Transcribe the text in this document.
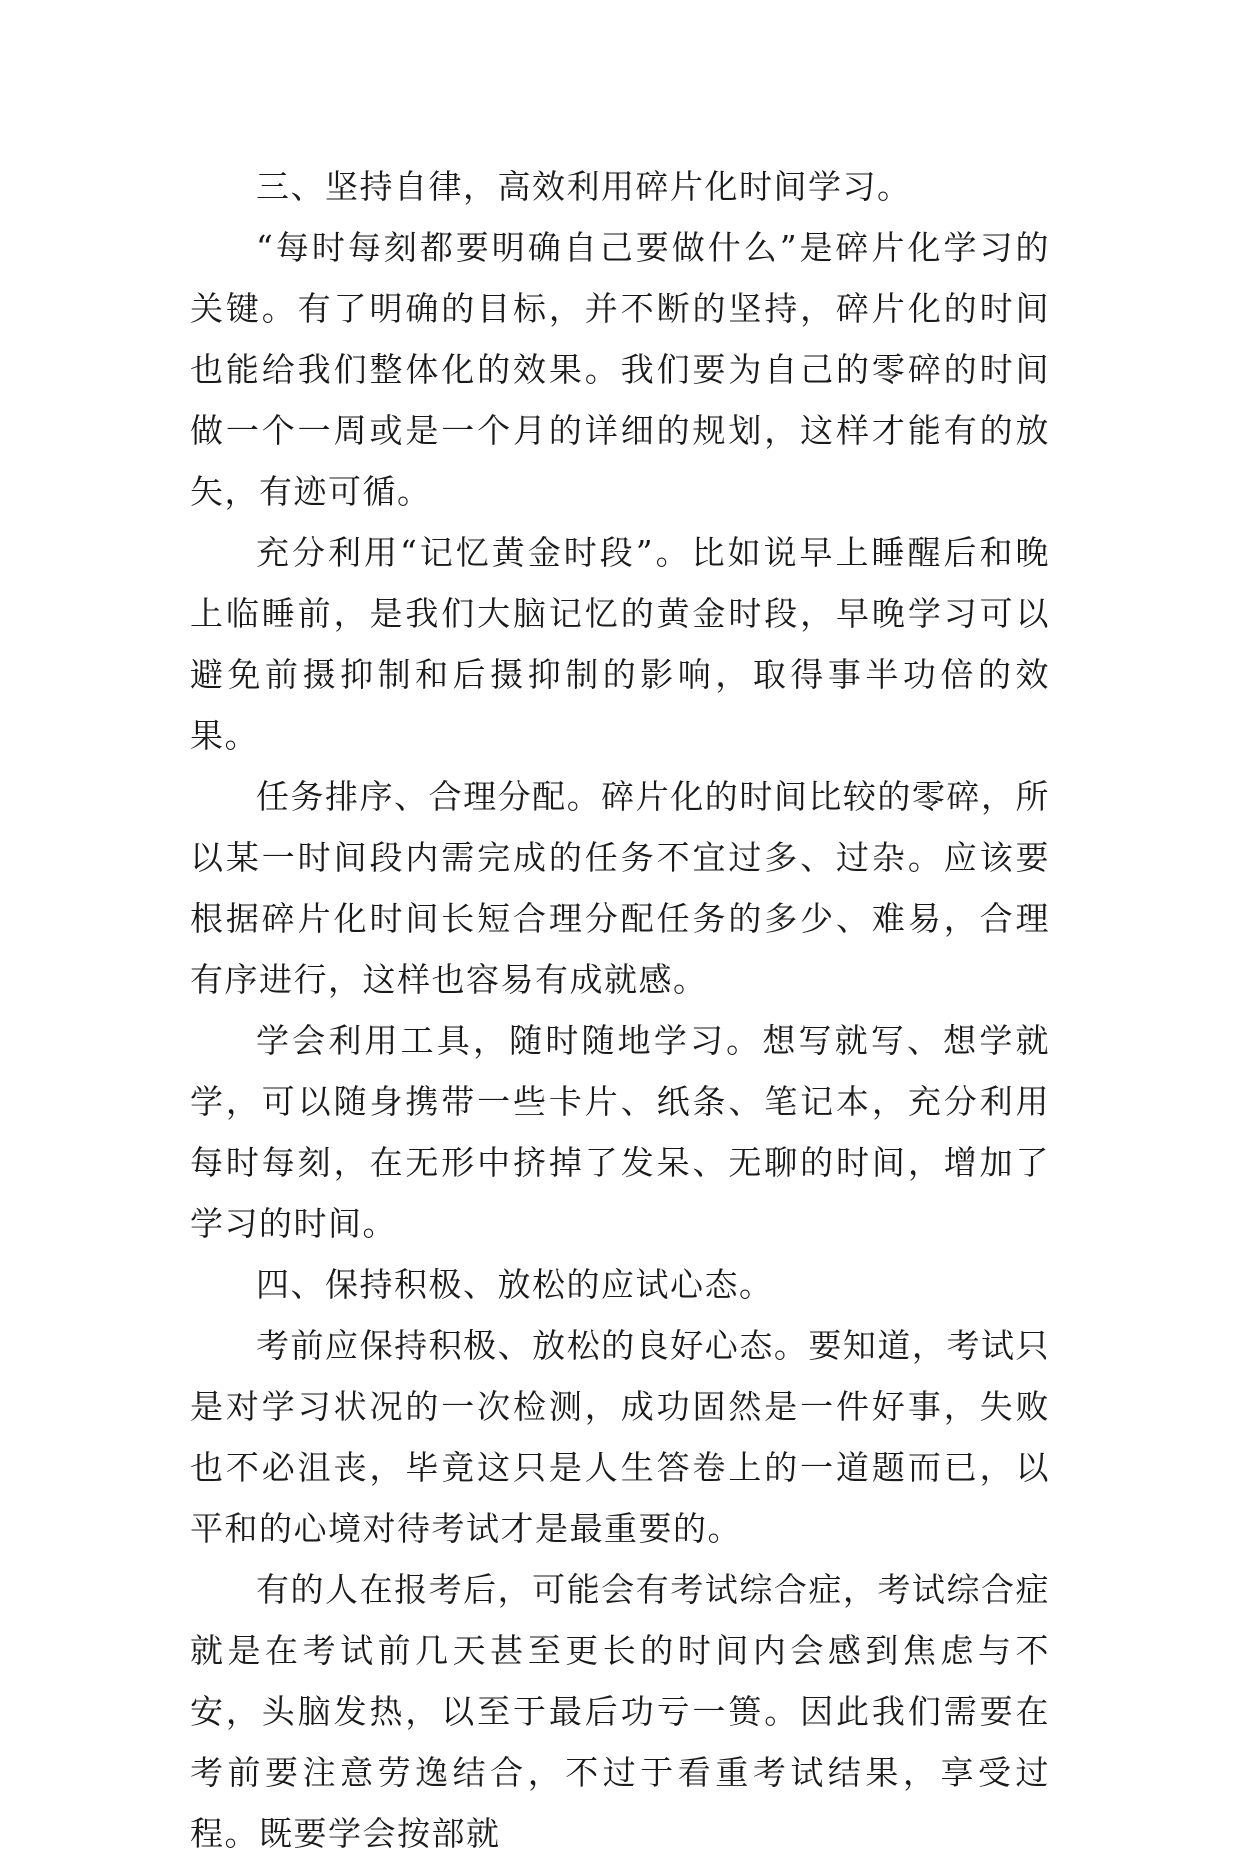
三、坚持自律，高效利用碎片化时间学习。

“每时每刻都要明确自己要做什么”是碎片化学习的关键。有了明确的目标，并不断的坚持，碎片化的时间也能给我们整体化的效果。我们要为自己的零碎的时间做一个一周或是一个月的详细的规划，这样才能有的放矢，有迹可循。

充分利用“记忆黄金时段”。比如说早上睡醒后和晚上临睡前，是我们大脑记忆的黄金时段，早晚学习可以避免前摄抑制和后摄抑制的影响，取得事半功倍的效果。

任务排序、合理分配。碎片化的时间比较的零碎，所以某一时间段内需完成的任务不宜过多、过杂。应该要根据碎片化时间长短合理分配任务的多少、难易，合理有序进行，这样也容易有成就感。

学会利用工具，随时随地学习。想写就写、想学就学，可以随身携带一些卡片、纸条、笔记本，充分利用每时每刻，在无形中挤掉了发呆、无聊的时间，增加了学习的时间。

四、保持积极、放松的应试心态。

考前应保持积极、放松的良好心态。要知道，考试只是对学习状况的一次检测，成功固然是一件好事，失败也不必沮丧，毕竟这只是人生答卷上的一道题而已，以平和的心境对待考试才是最重要的。

有的人在报考后，可能会有考试综合症，考试综合症就是在考试前几天甚至更长的时间内会感到焦虑与不安，头脑发热，以至于最后功亏一篑。因此我们需要在考前要注意劳逸结合，不过于看重考试结果，享受过程。既要学会按部就
